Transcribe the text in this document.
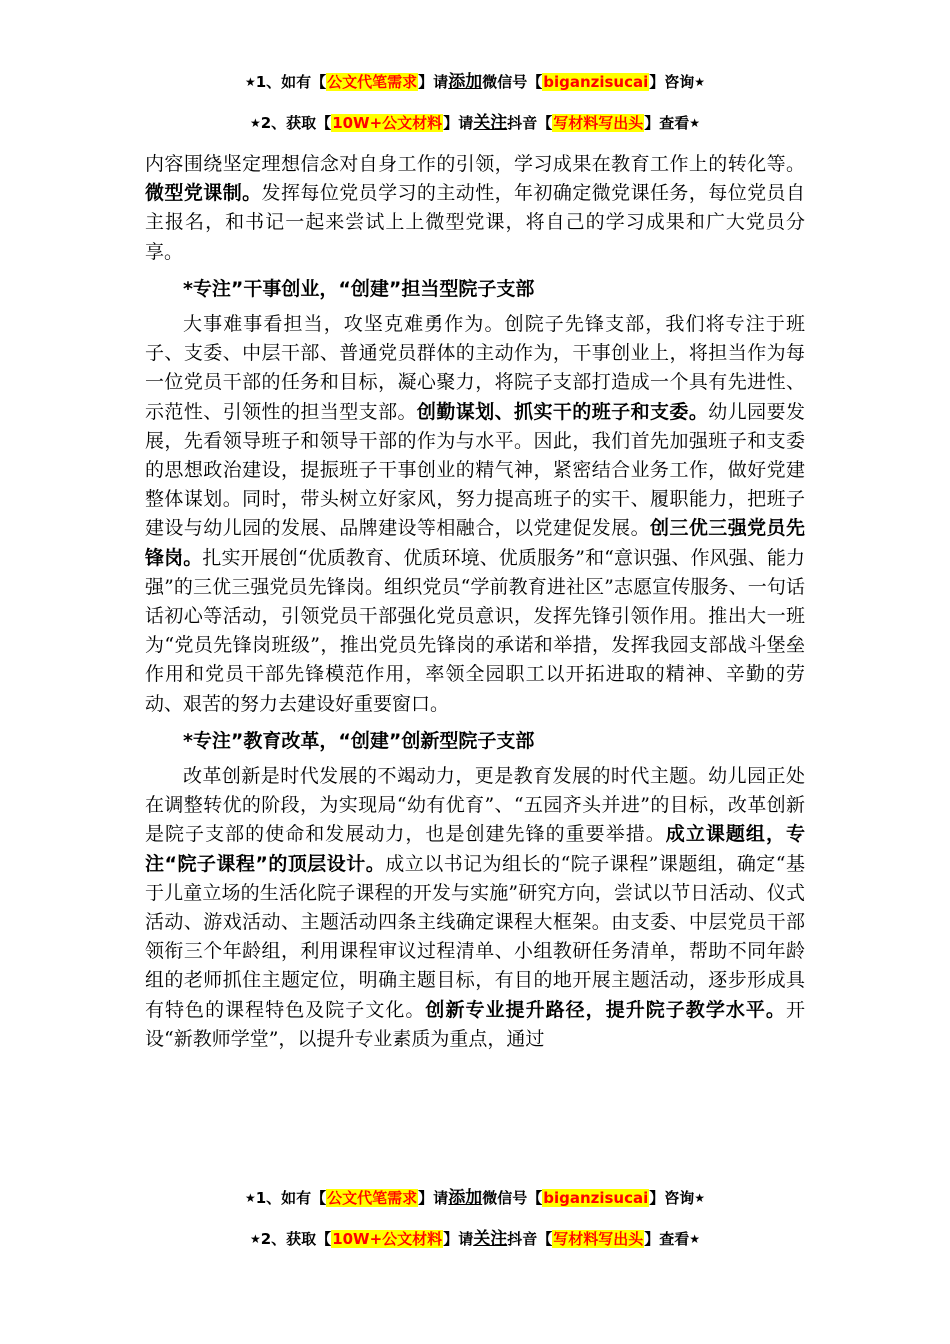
★1、如有【公文代笔需求】请添加微信号【biganzisucai】咨询★
★2、获取【10W+公文材料】请关注抖音【写材料写出头】查看★

内容围绕坚定理想信念对自身工作的引领，学习成果在教育工作上的转化等。微型党课制。发挥每位党员学习的主动性，年初确定微党课任务，每位党员自主报名，和书记一起来尝试上上微型党课，将自己的学习成果和广大党员分享。

*专注”干事创业，“创建”担当型院子支部

大事难事看担当，攻坚克难勇作为。创院子先锋支部，我们将专注于班子、支委、中层干部、普通党员群体的主动作为，干事创业上，将担当作为每一位党员干部的任务和目标，凝心聚力，将院子支部打造成一个具有先进性、示范性、引领性的担当型支部。创勤谋划、抓实干的班子和支委。幼儿园要发展，先看领导班子和领导干部的作为与水平。因此，我们首先加强班子和支委的思想政治建设，提振班子干事创业的精气神，紧密结合业务工作，做好党建整体谋划。同时，带头树立好家风，努力提高班子的实干、履职能力，把班子建设与幼儿园的发展、品牌建设等相融合，以党建促发展。创三优三强党员先锋岗。扎实开展创“优质教育、优质环境、优质服务”和“意识强、作风强、能力强”的三优三强党员先锋岗。组织党员“学前教育进社区”志愿宣传服务、一句话话初心等活动，引领党员干部强化党员意识，发挥先锋引领作用。推出大一班为“党员先锋岗班级”，推出党员先锋岗的承诺和举措，发挥我园支部战斗堡垒作用和党员干部先锋模范作用，率领全园职工以开拓进取的精神、辛勤的劳动、艰苦的努力去建设好重要窗口。

*专注”教育改革，“创建”创新型院子支部

改革创新是时代发展的不竭动力，更是教育发展的时代主题。幼儿园正处在调整转优的阶段，为实现局“幼有优育”、“五园齐头并进”的目标，改革创新是院子支部的使命和发展动力，也是创建先锋的重要举措。成立课题组，专注“院子课程”的顶层设计。成立以书记为组长的“院子课程”课题组，确定“基于儿童立场的生活化院子课程的开发与实施”研究方向，尝试以节日活动、仪式活动、游戏活动、主题活动四条主线确定课程大框架。由支委、中层党员干部领衔三个年龄组，利用课程审议过程清单、小组教研任务清单，帮助不同年龄组的老师抓住主题定位，明确主题目标，有目的地开展主题活动，逐步形成具有特色的课程特色及院子文化。创新专业提升路径，提升院子教学水平。开设“新教师学堂”，以提升专业素质为重点，通过

★1、如有【公文代笔需求】请添加微信号【biganzisucai】咨询★
★2、获取【10W+公文材料】请关注抖音【写材料写出头】查看★
